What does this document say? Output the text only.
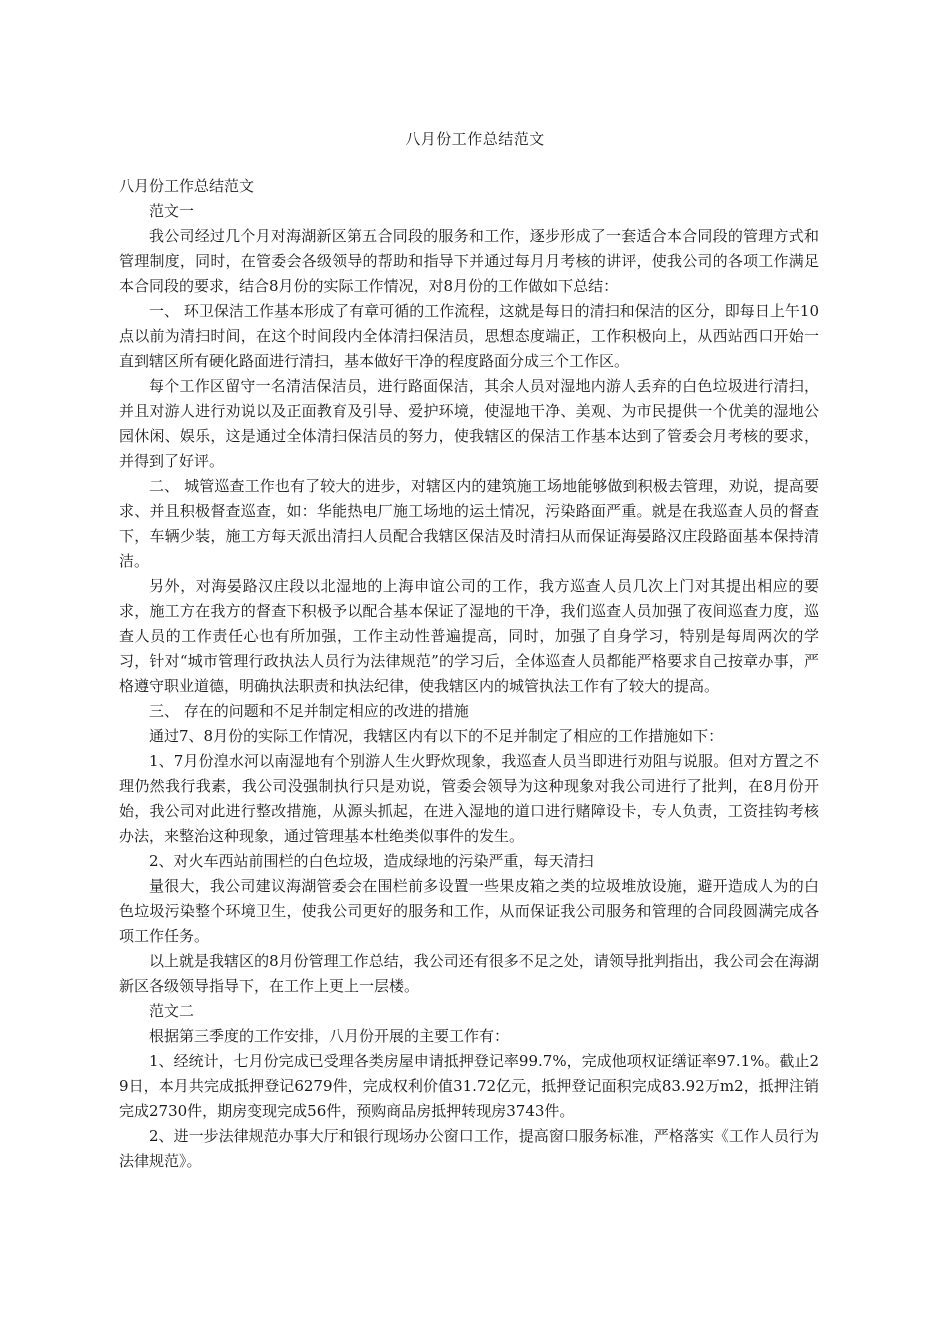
八月份工作总结范文

八月份工作总结范文

范文一

我公司经过几个月对海湖新区第五合同段的服务和工作，逐步形成了一套适合本合同段的管理方式和管理制度，同时，在管委会各级领导的帮助和指导下并通过每月月考核的讲评，使我公司的各项工作满足本合同段的要求，结合8月份的实际工作情况，对8月份的工作做如下总结：

一、 环卫保洁工作基本形成了有章可循的工作流程，这就是每日的清扫和保洁的区分，即每日上午10点以前为清扫时间，在这个时间段内全体清扫保洁员，思想态度端正，工作积极向上，从西站西口开始一直到辖区所有硬化路面进行清扫，基本做好干净的程度路面分成三个工作区。

每个工作区留守一名清洁保洁员，进行路面保洁，其余人员对湿地内游人丢弃的白色垃圾进行清扫，并且对游人进行劝说以及正面教育及引导、爱护环境，使湿地干净、美观、为市民提供一个优美的湿地公园休闲、娱乐，这是通过全体清扫保洁员的努力，使我辖区的保洁工作基本达到了管委会月考核的要求，并得到了好评。

二、 城管巡查工作也有了较大的进步，对辖区内的建筑施工场地能够做到积极去管理，劝说，提高要求、并且积极督查巡查，如：华能热电厂施工场地的运土情况，污染路面严重。就是在我巡查人员的督查下，车辆少装，施工方每天派出清扫人员配合我辖区保洁及时清扫从而保证海晏路汉庄段路面基本保持清洁。

另外，对海晏路汉庄段以北湿地的上海申谊公司的工作，我方巡查人员几次上门对其提出相应的要求，施工方在我方的督查下积极予以配合基本保证了湿地的干净，我们巡查人员加强了夜间巡查力度，巡查人员的工作责任心也有所加强，工作主动性普遍提高，同时，加强了自身学习，特别是每周两次的学习，针对“城市管理行政执法人员行为法律规范”的学习后，全体巡查人员都能严格要求自己按章办事，严格遵守职业道德，明确执法职责和执法纪律，使我辖区内的城管执法工作有了较大的提高。

三、 存在的问题和不足并制定相应的改进的措施

通过7、8月份的实际工作情况，我辖区内有以下的不足并制定了相应的工作措施如下：

1、7月份湟水河以南湿地有个别游人生火野炊现象，我巡查人员当即进行劝阻与说服。但对方置之不理仍然我行我素，我公司没强制执行只是劝说，管委会领导为这种现象对我公司进行了批判，在8月份开始，我公司对此进行整改措施，从源头抓起，在进入湿地的道口进行赌障设卡，专人负责，工资挂钩考核办法，来整治这种现象，通过管理基本杜绝类似事件的发生。

2、对火车西站前围栏的白色垃圾，造成绿地的污染严重，每天清扫

量很大，我公司建议海湖管委会在围栏前多设置一些果皮箱之类的垃圾堆放设施，避开造成人为的白色垃圾污染整个环境卫生，使我公司更好的服务和工作，从而保证我公司服务和管理的合同段圆满完成各项工作任务。

以上就是我辖区的8月份管理工作总结，我公司还有很多不足之处，请领导批判指出，我公司会在海湖新区各级领导指导下，在工作上更上一层楼。

范文二

根据第三季度的工作安排，八月份开展的主要工作有：

1、经统计，七月份完成已受理各类房屋申请抵押登记率99.7%，完成他项权证缮证率97.1%。截止29日，本月共完成抵押登记6279件，完成权利价值31.72亿元，抵押登记面积完成83.92万m2，抵押注销完成2730件，期房变现完成56件，预购商品房抵押转现房3743件。

2、进一步法律规范办事大厅和银行现场办公窗口工作，提高窗口服务标准，严格落实《工作人员行为法律规范》。
